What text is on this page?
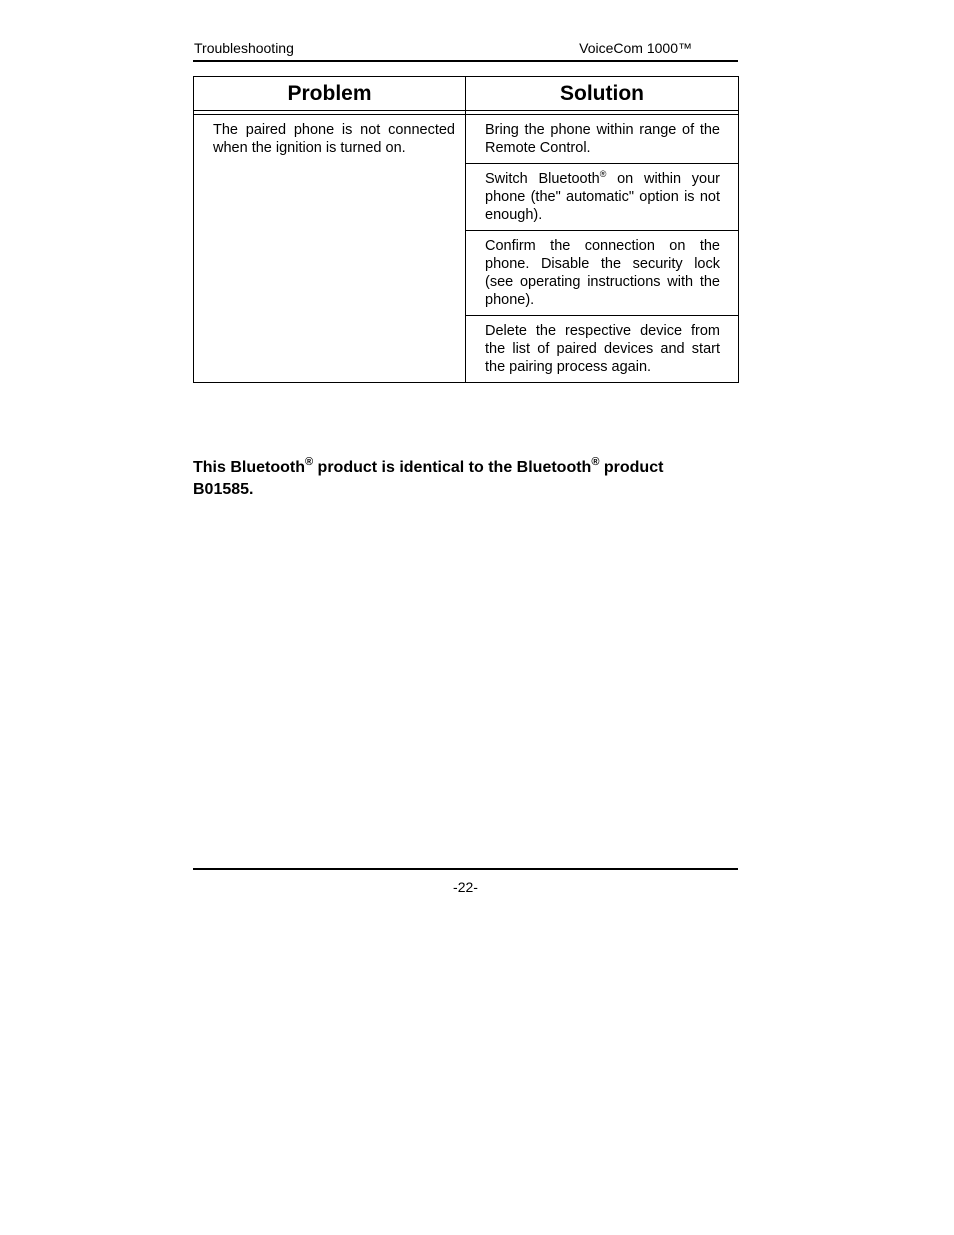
Troubleshooting	VoiceCom 1000™
Problem	Solution

The paired phone is not connected when the ignition is turned on.	Bring the phone within range of the Remote Control.
	Switch Bluetooth® on within your phone (the" automatic" option is not enough).
	Confirm the connection on the phone. Disable the security lock (see operating instructions with the phone).
	Delete the respective device from the list of paired devices and start the pairing process again.
This Bluetooth® product is identical to the Bluetooth® product B01585.
-22-
